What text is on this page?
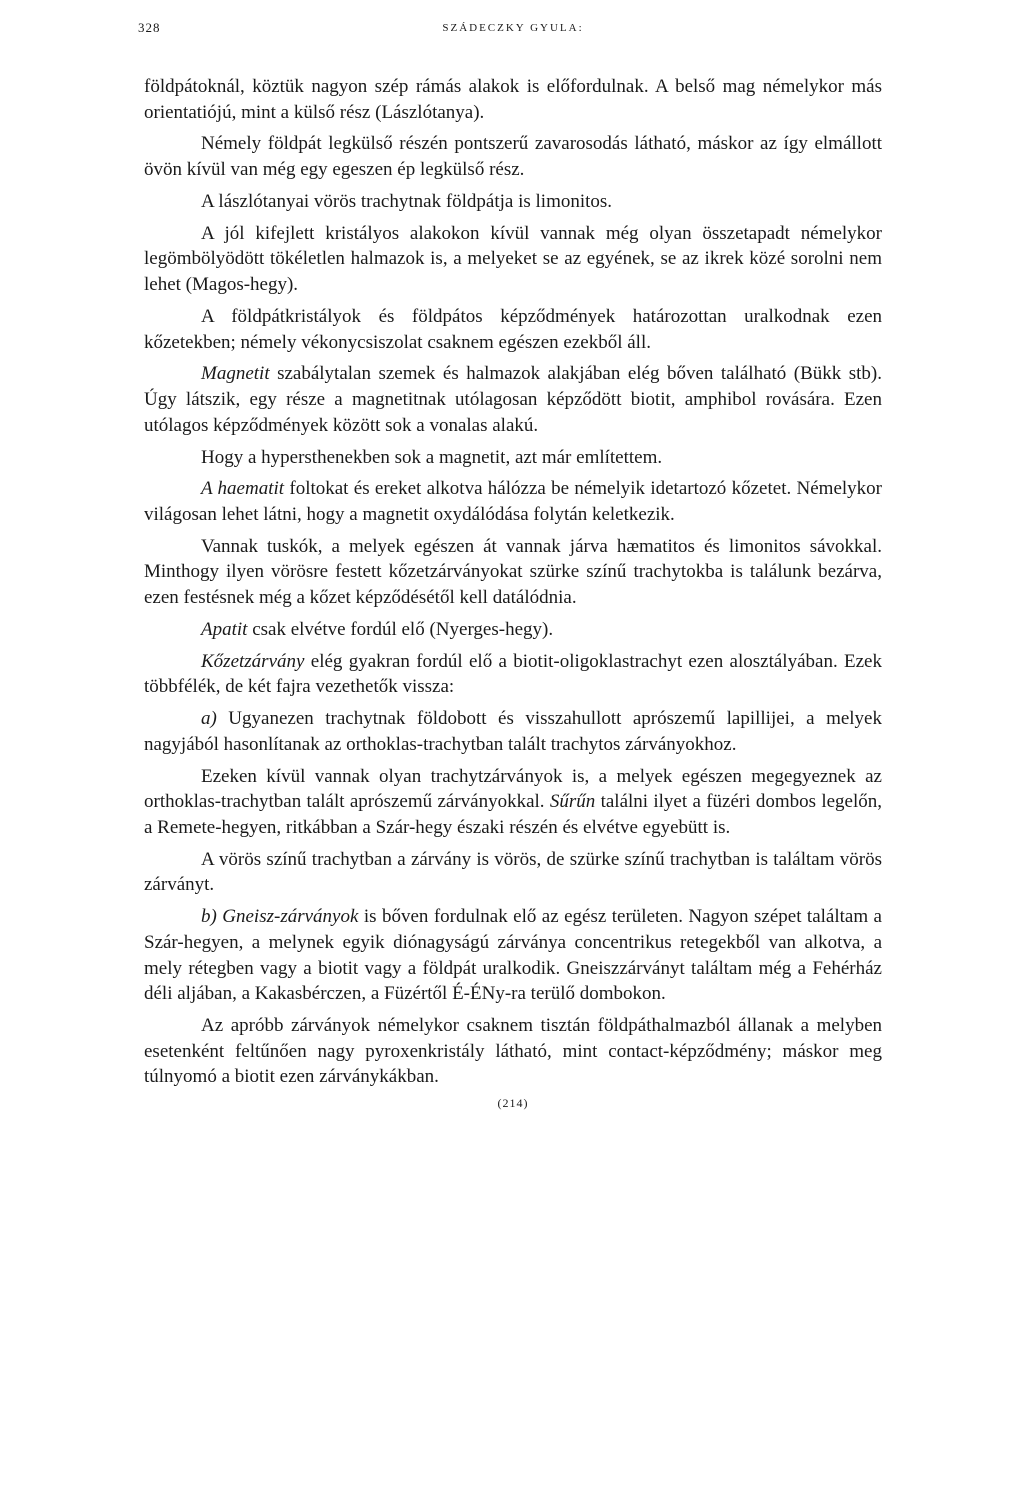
328	SZÁDECZKY GYULA:

földpátoknál, köztük nagyon szép rámás alakok is előfordulnak. A belső mag némelykor más orientatiójú, mint a külső rész (Lászlótanya).

Némely földpát legkülső részén pontszerű zavarosodás látható, máskor az így elmállott övön kívül van még egy egeszen ép legkülső rész.

A lászlótanyai vörös trachytnak földpátja is limonitos.

A jól kifejlett kristályos alakokon kívül vannak még olyan összetapadt némelykor legömbölyödött tökéletlen halmazok is, a melyeket se az egyének, se az ikrek közé sorolni nem lehet (Magos-hegy).

A földpátkristályok és földpátos képződmények határozottan uralkodnak ezen kőzetekben; némely vékonycsiszolat csaknem egészen ezekből áll.

Magnetit szabálytalan szemek és halmazok alakjában elég bőven található (Bükk stb). Úgy látszik, egy része a magnetitnak utólagosan képződött biotit, amphibol rovására. Ezen utólagos képződmények között sok a vonalas alakú.

Hogy a hypersthenekben sok a magnetit, azt már említettem.

A haematit foltokat és ereket alkotva hálózza be némelyik idetartozó kőzetet. Némelykor világosan lehet látni, hogy a magnetit oxydálódása folytán keletkezik.

Vannak tuskók, a melyek egészen át vannak járva hæmatitos és limonitos sávokkal. Minthogy ilyen vörösre festett kőzetzárványokat szürke színű trachytokba is találunk bezárva, ezen festésnek még a kőzet képződésétől kell datálódnia.

Apatit csak elvétve fordúl elő (Nyerges-hegy).

Kőzetzárvány elég gyakran fordúl elő a biotit-oligoklastrachyt ezen alosztályában. Ezek többfélék, de két fajra vezethetők vissza:

a) Ugyanezen trachytnak földobott és visszahullott aprószemű lapillijei, a melyek nagyjából hasonlítanak az orthoklas-trachytban talált trachytos zárványokhoz.

Ezeken kívül vannak olyan trachytzárványok is, a melyek egészen megegyeznek az orthoklas-trachytban talált aprószemű zárványokkal. Sűrűn találni ilyet a füzéri dombos legelőn, a Remete-hegyen, ritkábban a Szár-hegy északi részén és elvétve egyebütt is.

A vörös színű trachytban a zárvány is vörös, de szürke színű trachytban is találtam vörös zárványt.

b) Gneisz-zárványok is bőven fordulnak elő az egész területen. Nagyon szépet találtam a Szár-hegyen, a melynek egyik diónagyságú zárványa concentrikus retegekből van alkotva, a mely rétegben vagy a biotit vagy a földpát uralkodik. Gneiszzárványt találtam még a Fehérház déli aljában, a Kakasbérczen, a Füzértől É-ÉNy-ra terülő dombokon.

Az apróbb zárványok némelykor csaknem tisztán földpáthalmazból állanak a melyben esetenként feltűnően nagy pyroxenkristály látható, mint contact-képződmény; máskor meg túlnyomó a biotit ezen zárványkákban.

(214)
